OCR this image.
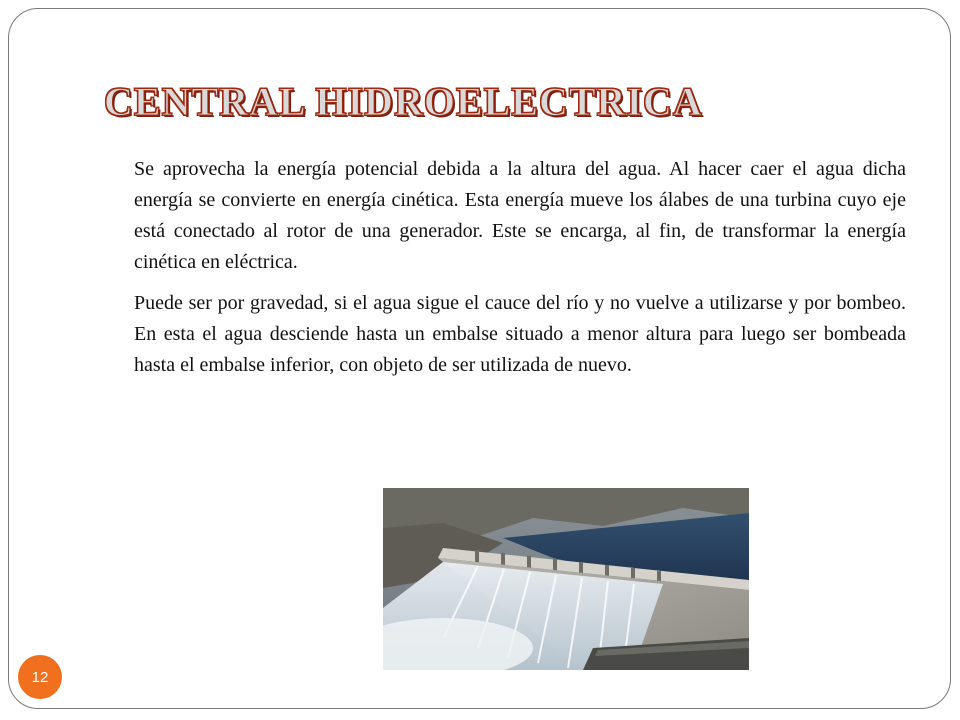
CENTRAL HIDROELECTRICA

Se aprovecha la energía potencial debida a la altura del agua. Al hacer caer el agua dicha energía se convierte en energía cinética. Esta energía mueve los álabes de una turbina cuyo eje está conectado al rotor de una generador. Este se encarga, al fin, de transformar la energía cinética en eléctrica.

Puede ser por gravedad, si el agua sigue el cauce del río y no vuelve a utilizarse y por bombeo. En esta el agua desciende hasta un embalse situado a menor altura para luego ser bombeada hasta el embalse inferior, con objeto de ser utilizada de nuevo.

12
